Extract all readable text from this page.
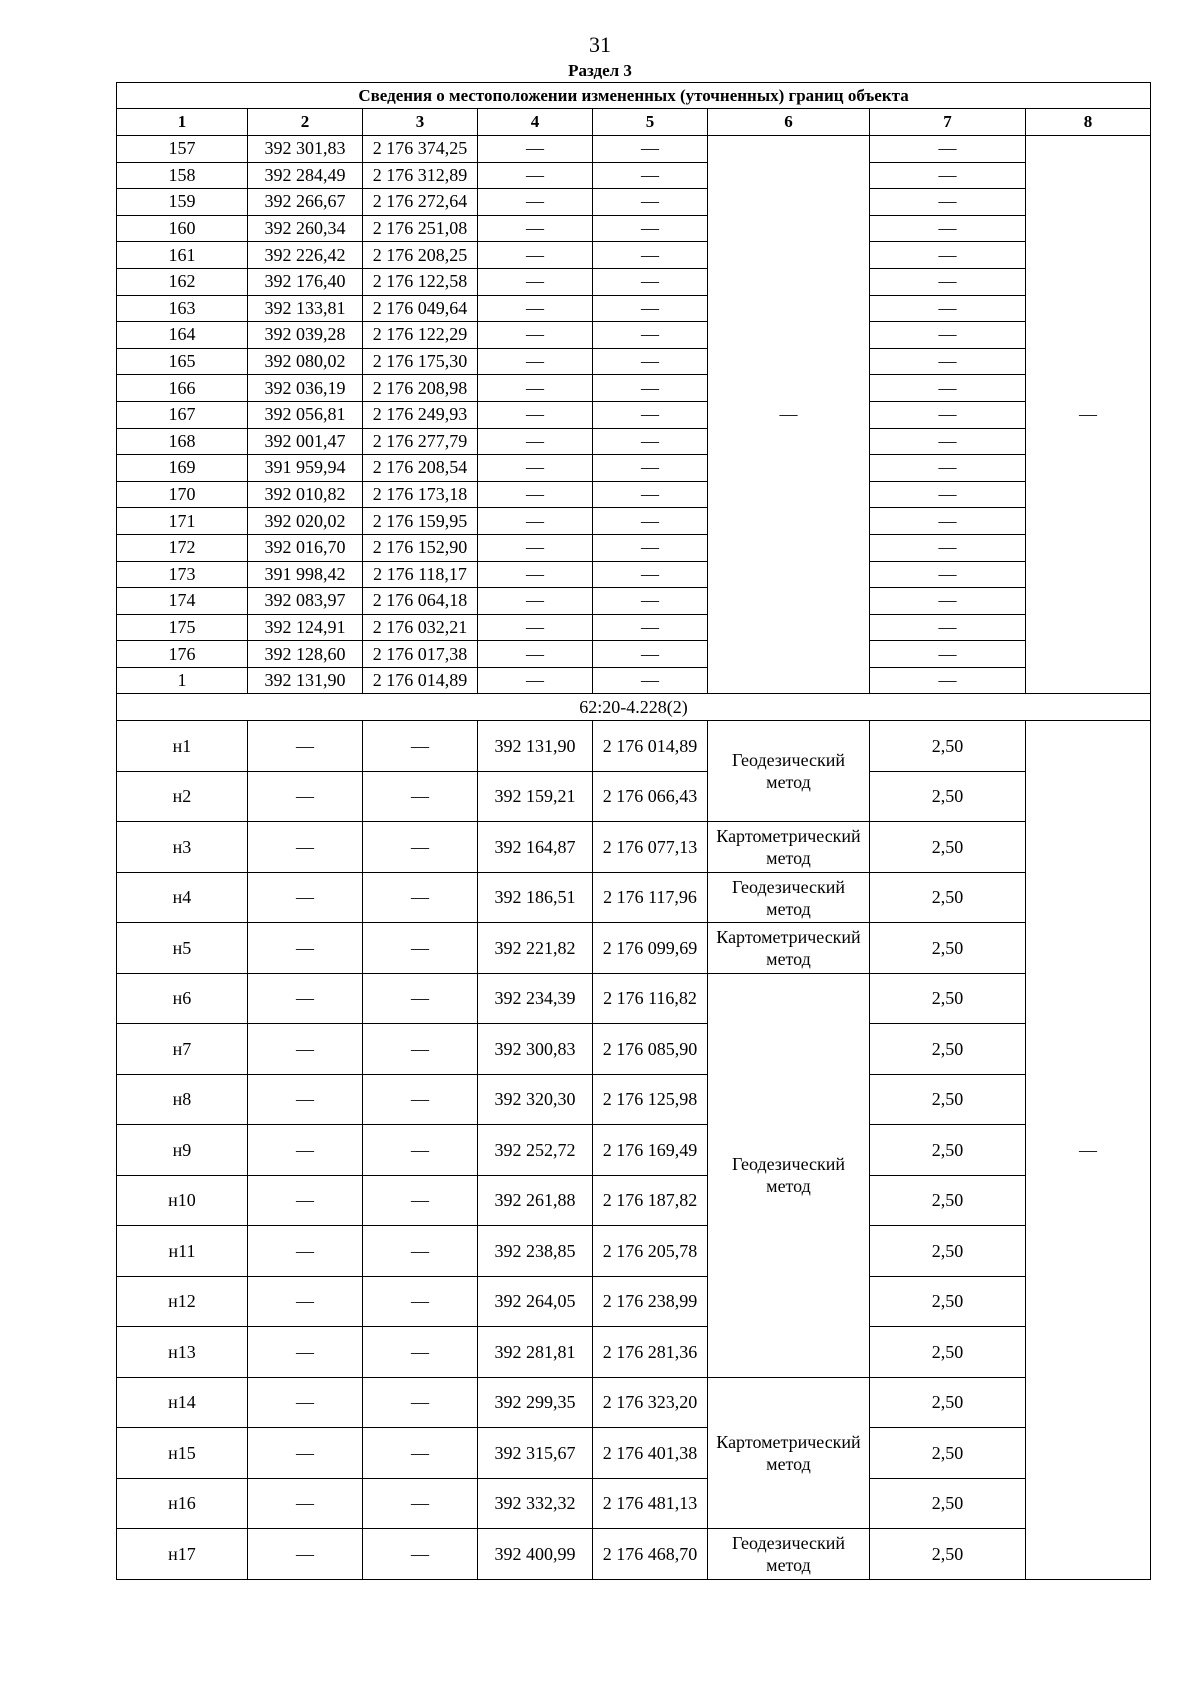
31
Раздел 3
Сведения о местоположении измененных (уточненных) границ объекта							
1	2	3	4	5	6	7	8
157	392 301,83	2 176 374,25	—	—	—	—	—
158	392 284,49	2 176 312,89	—	—		—	
159	392 266,67	2 176 272,64	—	—		—	
160	392 260,34	2 176 251,08	—	—		—	
161	392 226,42	2 176 208,25	—	—		—	
162	392 176,40	2 176 122,58	—	—		—	
163	392 133,81	2 176 049,64	—	—		—	
164	392 039,28	2 176 122,29	—	—		—	
165	392 080,02	2 176 175,30	—	—		—	
166	392 036,19	2 176 208,98	—	—		—	
167	392 056,81	2 176 249,93	—	—		—	
168	392 001,47	2 176 277,79	—	—		—	
169	391 959,94	2 176 208,54	—	—		—	
170	392 010,82	2 176 173,18	—	—		—	
171	392 020,02	2 176 159,95	—	—		—	
172	392 016,70	2 176 152,90	—	—		—	
173	391 998,42	2 176 118,17	—	—		—	
174	392 083,97	2 176 064,18	—	—		—	
175	392 124,91	2 176 032,21	—	—		—	
176	392 128,60	2 176 017,38	—	—		—	
1	392 131,90	2 176 014,89	—	—		—	
62:20-4.228(2)							
н1	—	—	392 131,90	2 176 014,89	Геодезический метод	2,50	—
н2	—	—	392 159,21	2 176 066,43		2,50	
н3	—	—	392 164,87	2 176 077,13	Картометрический метод	2,50	
н4	—	—	392 186,51	2 176 117,96	Геодезический метод	2,50	
н5	—	—	392 221,82	2 176 099,69	Картометрический метод	2,50	
н6	—	—	392 234,39	2 176 116,82	Геодезический метод	2,50	
н7	—	—	392 300,83	2 176 085,90		2,50	
н8	—	—	392 320,30	2 176 125,98		2,50	
н9	—	—	392 252,72	2 176 169,49		2,50	
н10	—	—	392 261,88	2 176 187,82		2,50	
н11	—	—	392 238,85	2 176 205,78		2,50	
н12	—	—	392 264,05	2 176 238,99		2,50	
н13	—	—	392 281,81	2 176 281,36		2,50	
н14	—	—	392 299,35	2 176 323,20	Картометрический метод	2,50	
н15	—	—	392 315,67	2 176 401,38		2,50	
н16	—	—	392 332,32	2 176 481,13		2,50	
н17	—	—	392 400,99	2 176 468,70	Геодезический метод	2,50	
